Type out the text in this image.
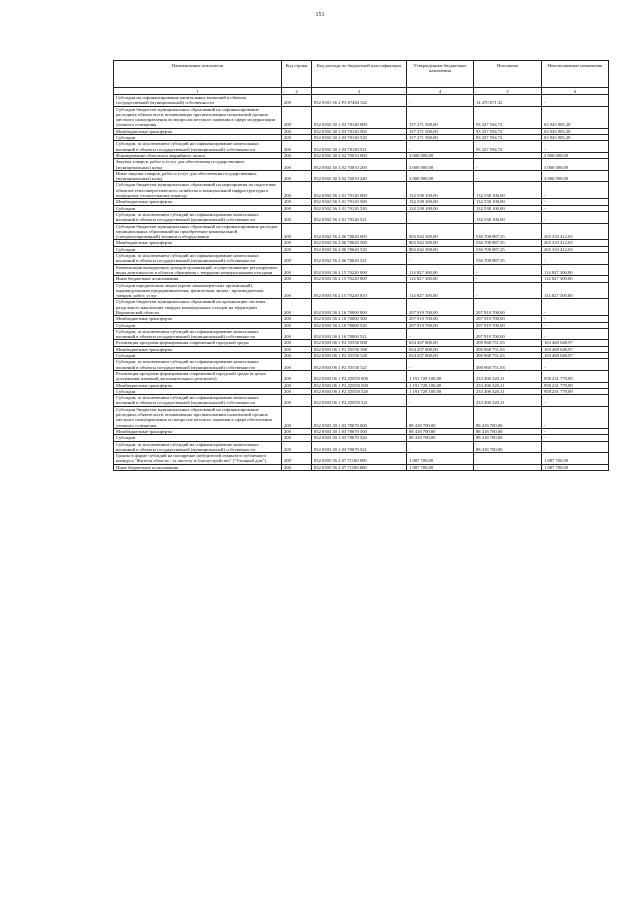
151
Наименование показателя	Код строки	Код расхода по бюджетной классификации	Утвержденные бюджетные назначения	Исполнено	Неисполненные назначения
1	2	3	4	5	6
Субсидии на софинансирование капитальных вложений в объекты государственной (муниципальной) собственности	200	832 0501 56 2 F3 67484 522	-	14 470 871,32	-
Субсидии бюджетам муниципальных образований на софинансирование расходных обязательств, возникающих при выполнении полномочий органов местного самоуправления по вопросам местного значения в сфере модернизации уличного освещения	200	832 0502 30 1 03 78140 000	157 271 500,00	93 327 594,72	63 943 905,28
Межбюджетные трансферты	200	832 0502 30 1 03 78140 500	157 271 500,00	93 327 594,72	63 943 905,28
Субсидии	200	832 0502 30 1 03 78140 520	157 271 500,00	93 327 594,72	63 943 905,28
Субсидии, за исключением субсидий на софинансирование капитальных вложений в объекты государственной (муниципальной) собственности	200	832 0502 30 1 03 78140 521	-	93 327 594,72	-
Формирование областного аварийного запаса	200	832 0502 30 3 02 70010 000	3 000 000,00	-	3 000 000,00
Закупка товаров, работ и услуг для обеспечения государственных (муниципальных) нужд	200	832 0502 30 3 02 70010 200	3 000 000,00	-	3 000 000,00
Иные закупки товаров, работ и услуг для обеспечения государственных (муниципальных) нужд	200	832 0502 30 3 02 70010 240	3 000 000,00	-	3 000 000,00
Субсидии бюджетам муниципальных образований на мероприятия по подготовке объектов теплоэнергетического хозяйства и коммунальной инфраструктуры к очередному отопительному периоду	200	832 0502 56 1 01 79120 000	132 538 100,00	132 538 100,00	-
Межбюджетные трансферты	200	832 0502 56 1 01 79120 500	132 538 100,00	132 538 100,00	-
Субсидии	200	832 0502 56 1 01 79120 520	132 538 100,00	132 538 100,00	-
Субсидии, за исключением субсидий на софинансирование капитальных вложений в объекты государственной (муниципальной) собственности	200	832 0502 56 1 01 79120 521	-	132 538 100,00	-
Субсидии бюджетам муниципальных образований на софинансирование расходов муниципальных образований на приобретение коммунальной (специализированной) техники и оборудования	200	832 0502 56 2 06 78620 000	802 042 300,00	536 708 887,35	265 333 412,65
Межбюджетные трансферты	200	832 0502 56 2 06 78620 500	802 042 300,00	536 708 887,35	265 333 412,65
Субсидии	200	832 0502 56 2 06 78620 520	802 042 300,00	536 708 887,35	265 333 412,65
Субсидии, за исключением субсидий на софинансирование капитальных вложений в объекты государственной (муниципальной) собственности	200	832 0502 56 2 06 78620 521	-	536 708 887,35	-
Компенсация выпадающих доходов организаций, осуществляющих регулируемые виды деятельности в области обращения с твердыми коммунальными отходами	200	832 0503 56 2 15 70220 000	114 827 300,00	-	114 827 300,00
Иные бюджетные ассигнования	200	832 0503 56 2 15 70220 800	114 827 300,00	-	114 827 300,00
Субсидии юридическим лицам (кроме некоммерческих организаций), индивидуальным предпринимателям, физическим лицам - производителям товаров, работ, услуг	200	832 0503 56 2 15 70220 810	114 827 300,00	-	114 827 300,00
Субсидии бюджетам муниципальных образований на организацию системы раздельного накопления твердых коммунальных отходов на территории Воронежской области	200	832 0503 56 2 16 78000 000	297 919 700,00	297 919 700,00	-
Межбюджетные трансферты	200	832 0503 56 2 16 78000 500	297 919 700,00	297 919 700,00	-
Субсидии	200	832 0503 56 2 16 78000 520	297 919 700,00	297 919 700,00	-
Субсидии, за исключением субсидий на софинансирование капитальных вложений в объекты государственной (муниципальной) собственности	200	832 0503 56 2 16 78000 521	-	297 919 700,00	-
Реализация программ формирования современной городской среды	200	832 0503 06 1 F2 55550 000	654 437 800,00	490 968 751,03	163 469 048,97
Межбюджетные трансферты	200	832 0503 06 1 F2 55550 500	654 437 800,00	490 968 751,03	163 469 048,97
Субсидии	200	832 0503 06 1 F2 55550 520	654 437 800,00	490 968 751,03	163 469 048,97
Субсидии, за исключением субсидий на софинансирование капитальных вложений в объекты государственной (муниципальной) собственности	200	832 0503 06 1 F2 55550 521	-	490 968 751,03	-
Реализация программ формирования современной городской среды (в целях достижения значений дополнительного результата)	200	832 0503 06 1 F2 Д5550 000	1 191 728 100,00	233 496 320,11	958 231 779,89
Межбюджетные трансферты	200	832 0503 06 1 F2 Д5550 500	1 191 728 100,00	233 496 320,11	958 231 779,89
Субсидии	200	832 0503 06 1 F2 Д5550 520	1 191 728 100,00	233 496 320,11	958 231 779,89
Субсидии, за исключением субсидий на софинансирование капитальных вложений в объекты государственной (муниципальной) собственности	200	832 0503 06 1 F2 Д5550 521	-	233 496 320,11	-
Субсидии бюджетам муниципальных образований на софинансирование расходных обязательств, возникающих при выполнении полномочий органов местного самоуправления по вопросам местного значения в сфере обеспечения уличного освещения	200	832 0503 30 1 03 78670 000	88 418 700,00	88 418 700,00	-
Межбюджетные трансферты	200	832 0503 30 1 03 78670 500	88 418 700,00	88 418 700,00	-
Субсидии	200	832 0503 30 1 03 78670 520	88 418 700,00	88 418 700,00	-
Субсидии, за исключением субсидий на софинансирование капитальных вложений в объекты государственной (муниципальной) собственности	200	832 0503 30 1 03 78670 521	-	88 418 700,00	-
Гранты в форме субсидий на поощрение победителей открытого публичного конкурса "Жители области - за чистоту и благоустройство" ("Уличный дом")	200	832 0505 56 2 07 71100 000	1 087 700,00	-	1 087 700,00
Иные бюджетные ассигнования	200	832 0505 56 2 07 71100 800	1 087 700,00	-	1 087 700,00
